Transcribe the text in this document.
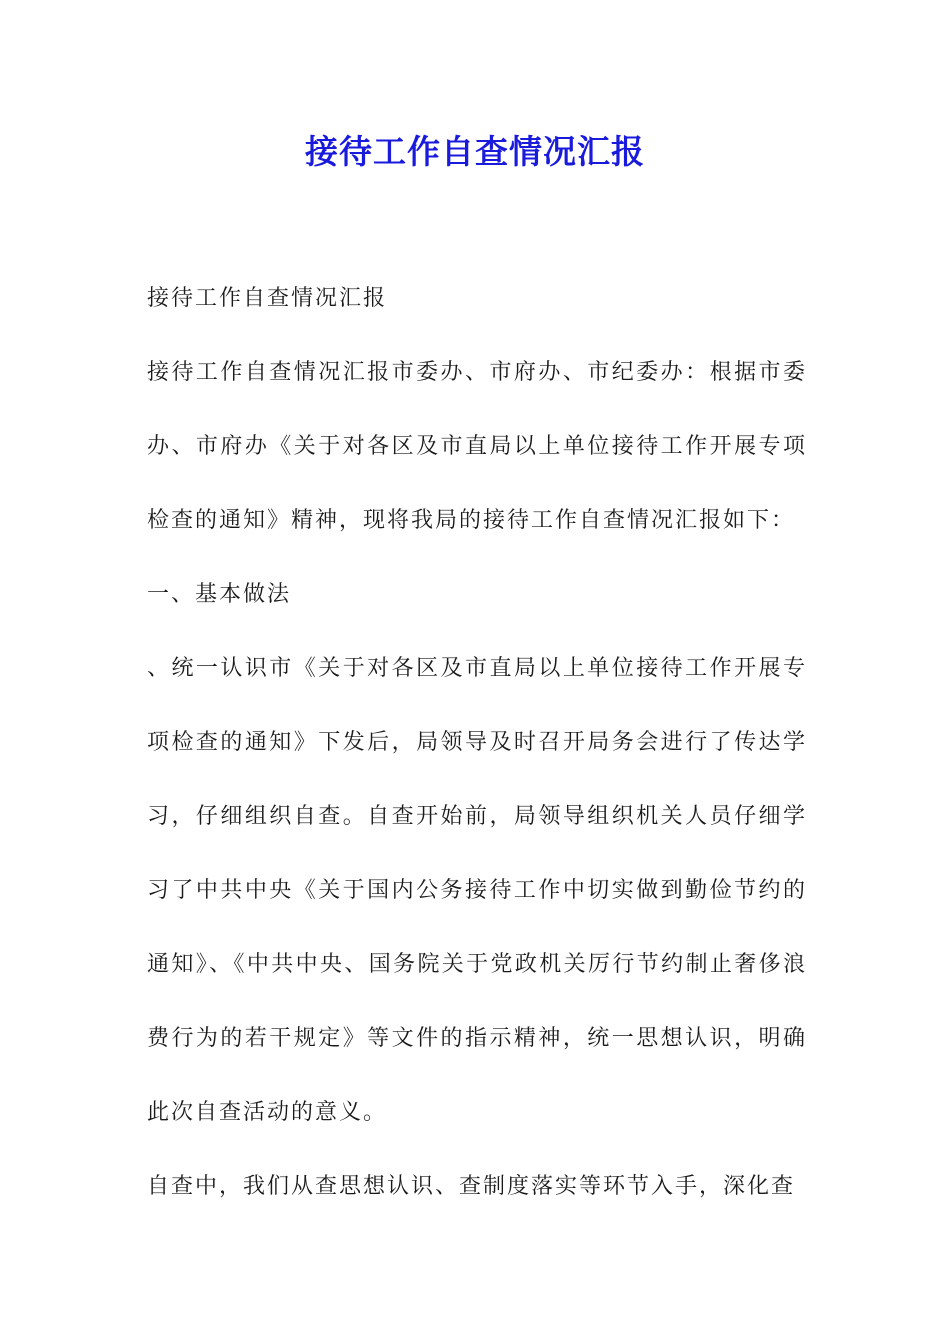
接待工作自查情况汇报

接待工作自查情况汇报

接待工作自查情况汇报市委办、市府办、市纪委办：根据市委办、市府办《关于对各区及市直局以上单位接待工作开展专项检查的通知》精神，现将我局的接待工作自查情况汇报如下：

一、基本做法

、统一认识市《关于对各区及市直局以上单位接待工作开展专项检查的通知》下发后，局领导及时召开局务会进行了传达学习，仔细组织自查。自查开始前，局领导组织机关人员仔细学习了中共中央《关于国内公务接待工作中切实做到勤俭节约的通知》、《中共中央、国务院关于党政机关厉行节约制止奢侈浪费行为的若干规定》等文件的指示精神，统一思想认识，明确此次自查活动的意义。

自查中，我们从查思想认识、查制度落实等环节入手，深化查
